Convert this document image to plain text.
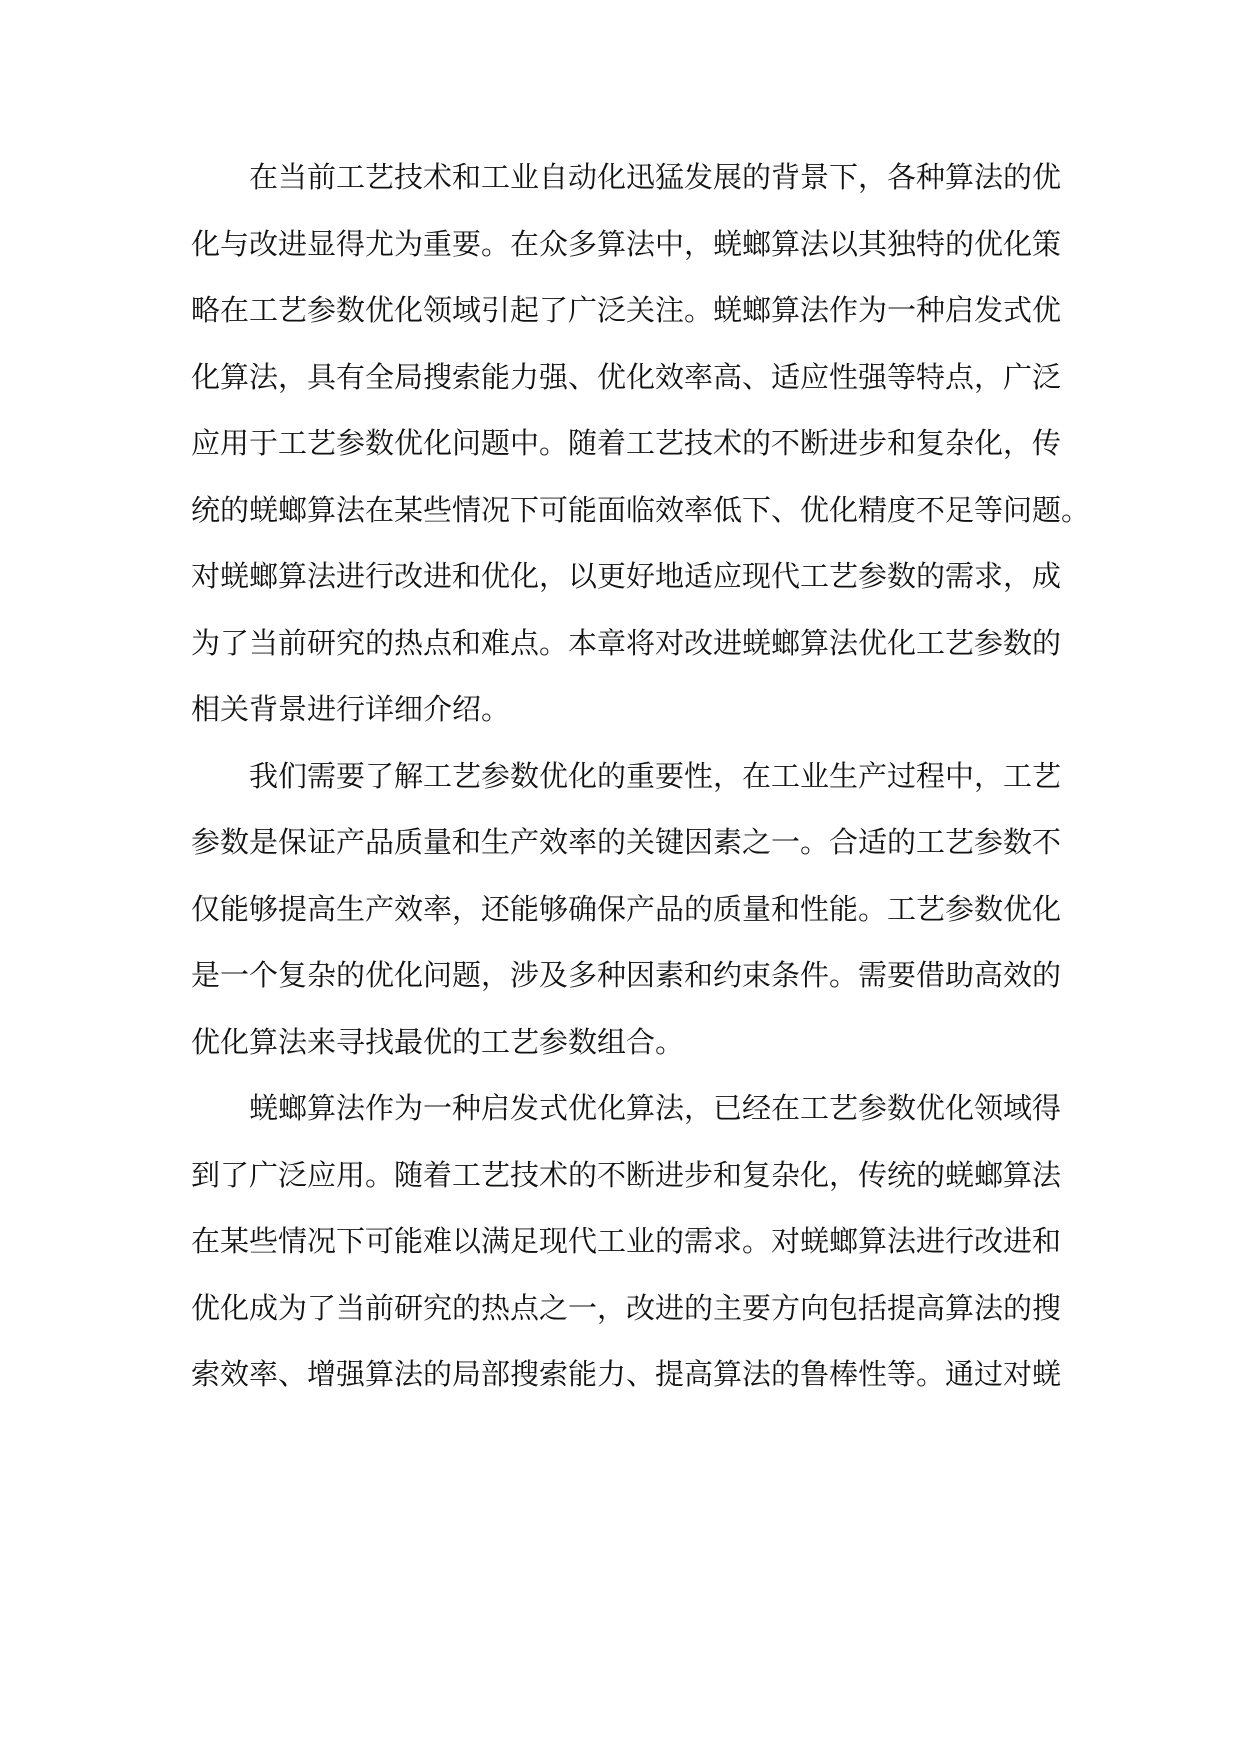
在当前工艺技术和工业自动化迅猛发展的背景下，各种算法的优
化与改进显得尤为重要。在众多算法中，蜣螂算法以其独特的优化策
略在工艺参数优化领域引起了广泛关注。蜣螂算法作为一种启发式优
化算法，具有全局搜索能力强、优化效率高、适应性强等特点，广泛
应用于工艺参数优化问题中。随着工艺技术的不断进步和复杂化，传
统的蜣螂算法在某些情况下可能面临效率低下、优化精度不足等问题。
对蜣螂算法进行改进和优化，以更好地适应现代工艺参数的需求，成
为了当前研究的热点和难点。本章将对改进蜣螂算法优化工艺参数的
相关背景进行详细介绍。
我们需要了解工艺参数优化的重要性，在工业生产过程中，工艺
参数是保证产品质量和生产效率的关键因素之一。合适的工艺参数不
仅能够提高生产效率，还能够确保产品的质量和性能。工艺参数优化
是一个复杂的优化问题，涉及多种因素和约束条件。需要借助高效的
优化算法来寻找最优的工艺参数组合。
蜣螂算法作为一种启发式优化算法，已经在工艺参数优化领域得
到了广泛应用。随着工艺技术的不断进步和复杂化，传统的蜣螂算法
在某些情况下可能难以满足现代工业的需求。对蜣螂算法进行改进和
优化成为了当前研究的热点之一，改进的主要方向包括提高算法的搜
索效率、增强算法的局部搜索能力、提高算法的鲁棒性等。通过对蜣
